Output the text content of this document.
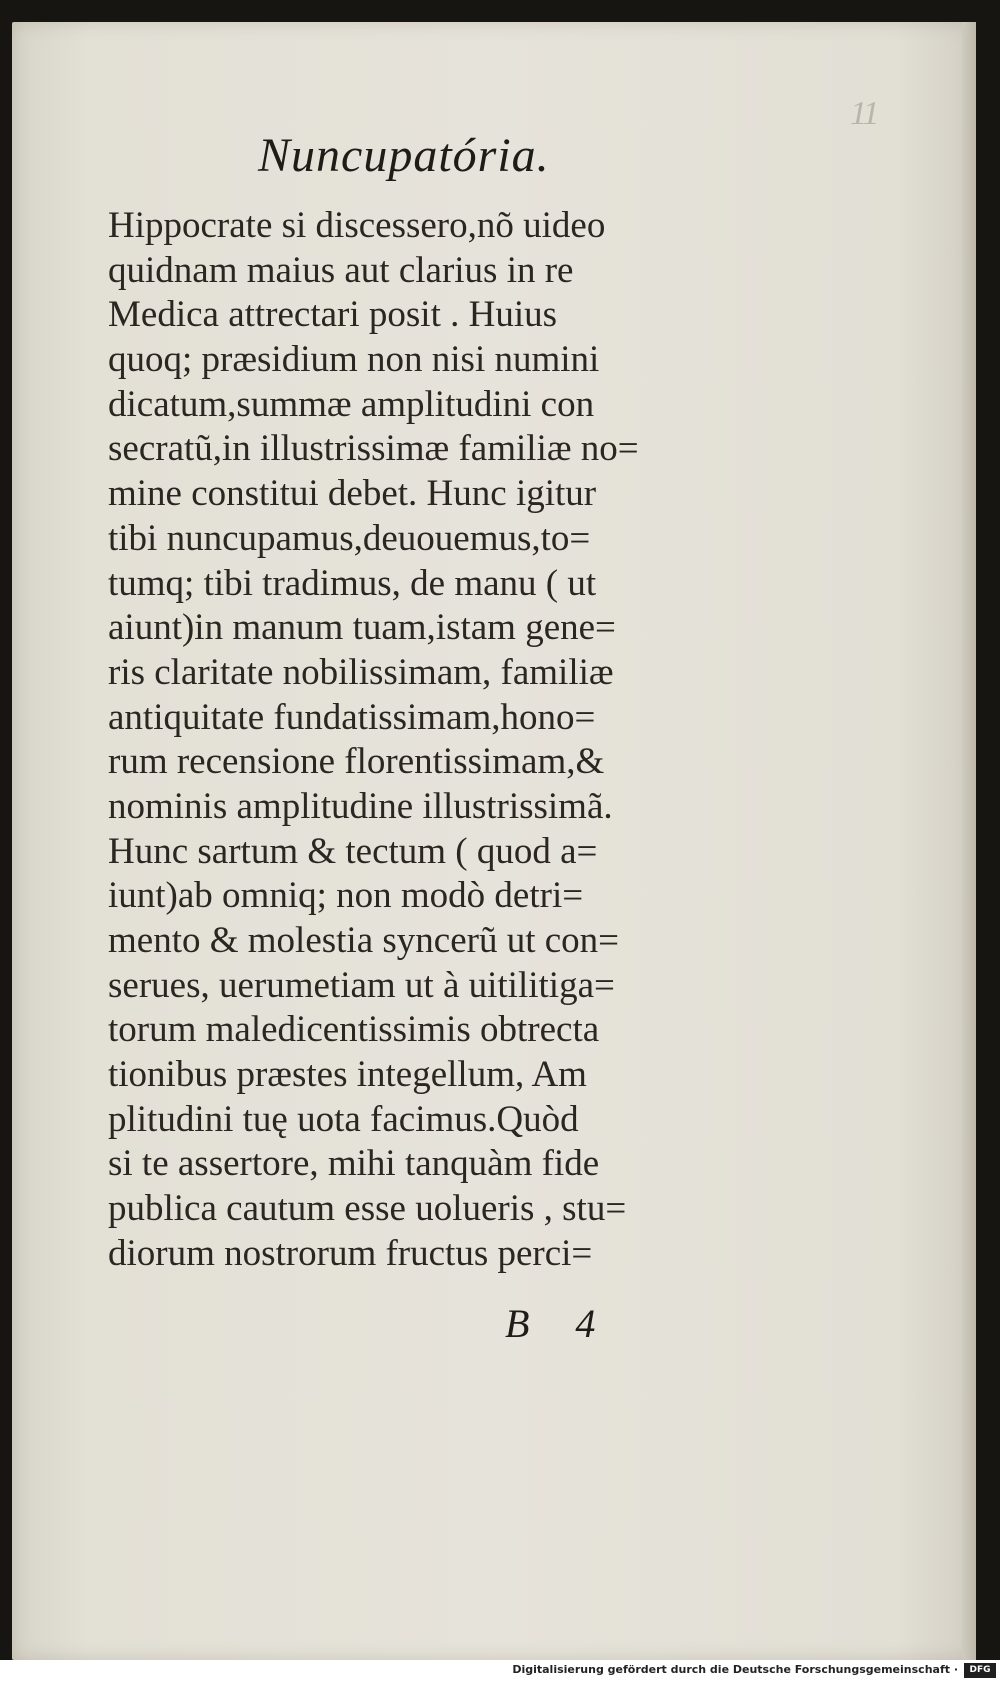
11
Nuncupatória.
Hippocrate si discessero,nõ uideo
quidnam maius aut clarius in re
Medica attrectari posit . Huius
quoq; præsidium non nisi numini
dicatum,summæ amplitudini con
secratũ,in illustrissimæ familiæ no=
mine constitui debet. Hunc igitur
tibi nuncupamus,deuouemus,to=
tumq; tibi tradimus, de manu ( ut
aiunt)in manum tuam,istam gene=
ris claritate nobilissimam, familiæ
antiquitate fundatissimam,hono=
rum recensione florentissimam,&
nominis amplitudine illustrissimã.
Hunc sartum & tectum ( quod a=
iunt)ab omniq; non modò detri=
mento & molestia syncerũ ut con=
serues, uerumetiam ut à uitilitiga=
torum maledicentissimis obtrecta
tionibus præstes integellum, Am
plitudini tuę uota facimus.Quòd
si te assertore, mihi tanquàm fide
publica cautum esse uolueris , stu=
diorum nostrorum fructus perci=
B 4
Digitalisierung gefördert durch die Deutsche Forschungsgemeinschaft ·	DFG
